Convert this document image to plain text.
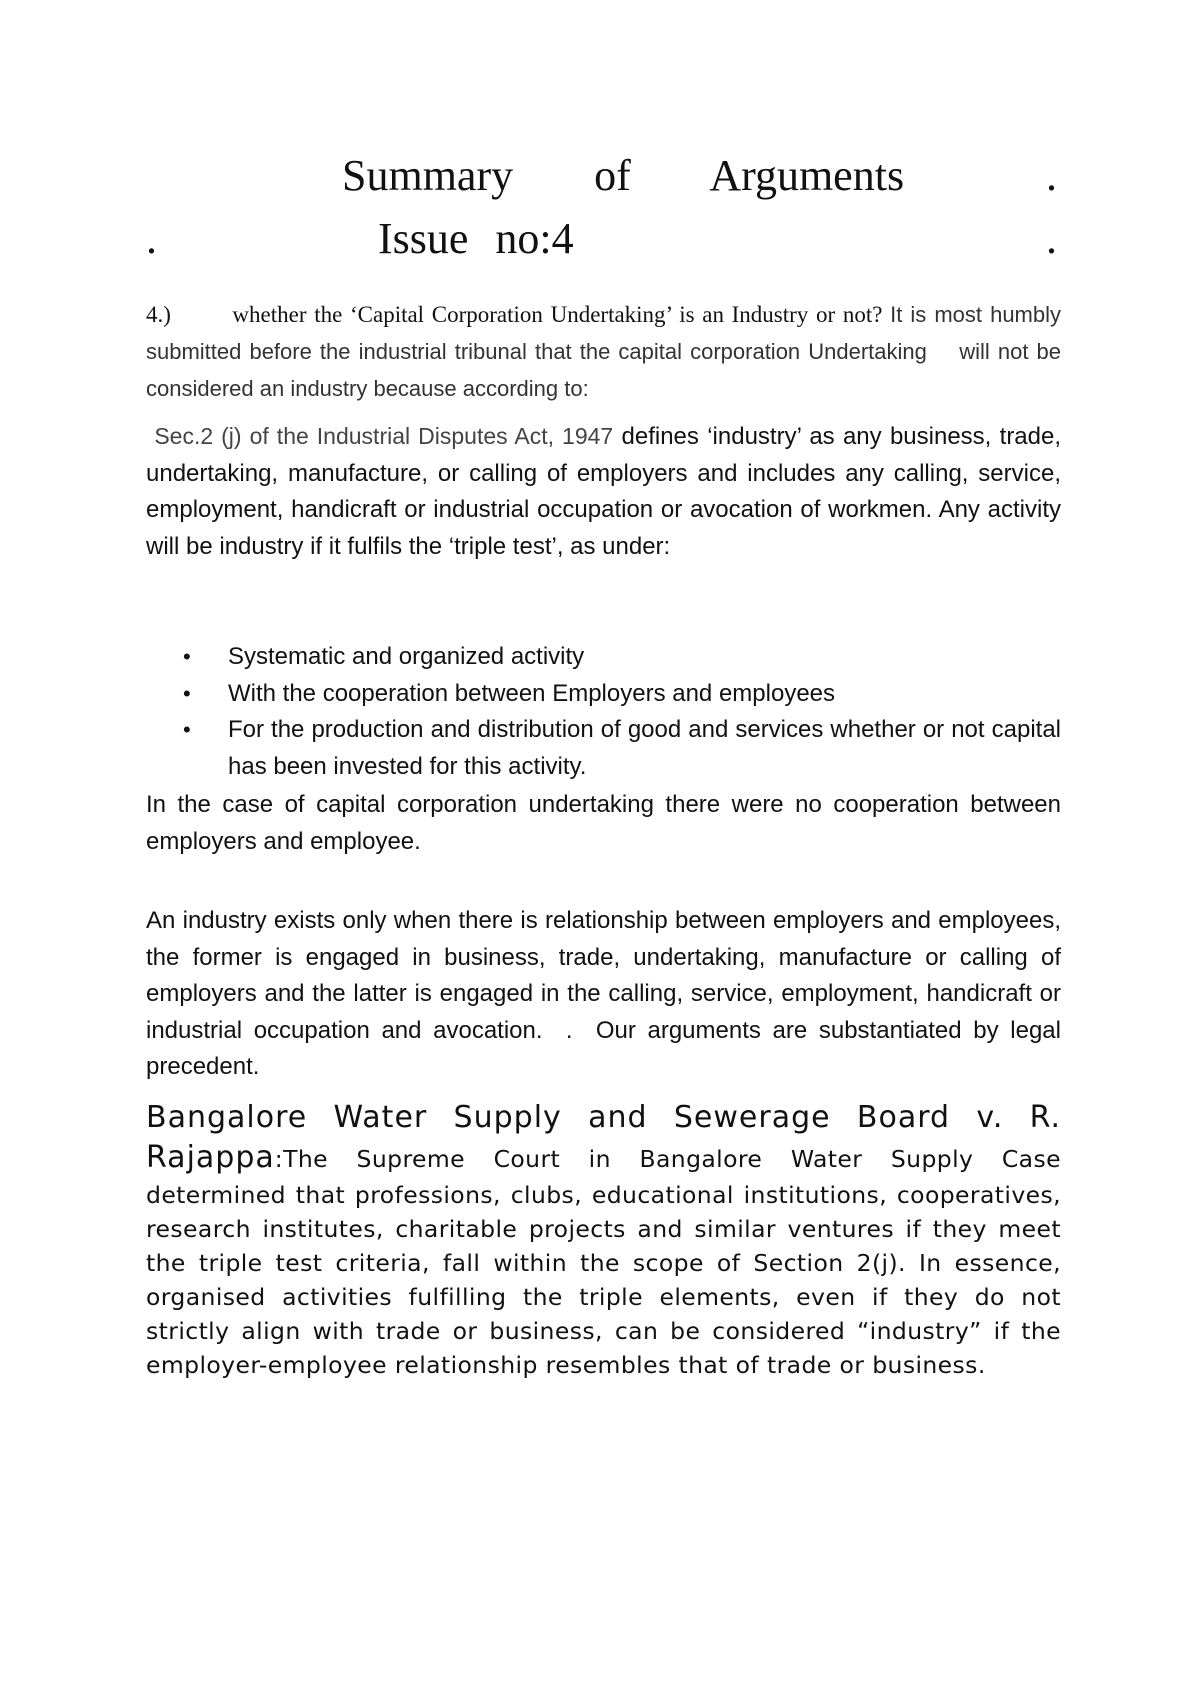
Summary   of   Arguments	.
.	Issue no:4	.

4.)        whether the ‘Capital Corporation Undertaking’ is an Industry or not? It is most humbly submitted before the industrial tribunal that the capital corporation Undertaking    will not be          considered an industry because according to:

Sec.2 (j) of the Industrial Disputes Act, 1947 defines ‘industry’ as any business, trade, undertaking, manufacture, or calling of employers and includes any calling, service, employment, handicraft or industrial occupation or avocation of workmen. Any activity will be industry if it fulfils the ‘triple test’, as under:

• Systematic and organized activity
• With the cooperation between Employers and employees
• For the production and distribution of good and services whether or not capital has been invested for this activity.

In the case of capital corporation undertaking there were no cooperation between employers and employee.

An industry exists only when there is relationship between employers and employees, the former is engaged in business, trade, undertaking, manufacture or calling of employers and the latter is engaged in the calling, service, employment, handicraft or industrial occupation and avocation.  .  Our arguments are substantiated by legal precedent.

Bangalore Water Supply and Sewerage Board v. R. Rajappa:The Supreme Court in Bangalore Water Supply Case determined that professions, clubs, educational institutions, cooperatives, research institutes, charitable projects and similar ventures if they meet the triple test criteria, fall within the scope of Section 2(j). In essence, organised activities fulfilling the triple elements, even if they do not strictly align with trade or business, can be considered “industry” if the employer-employee relationship resembles that of trade or business.
